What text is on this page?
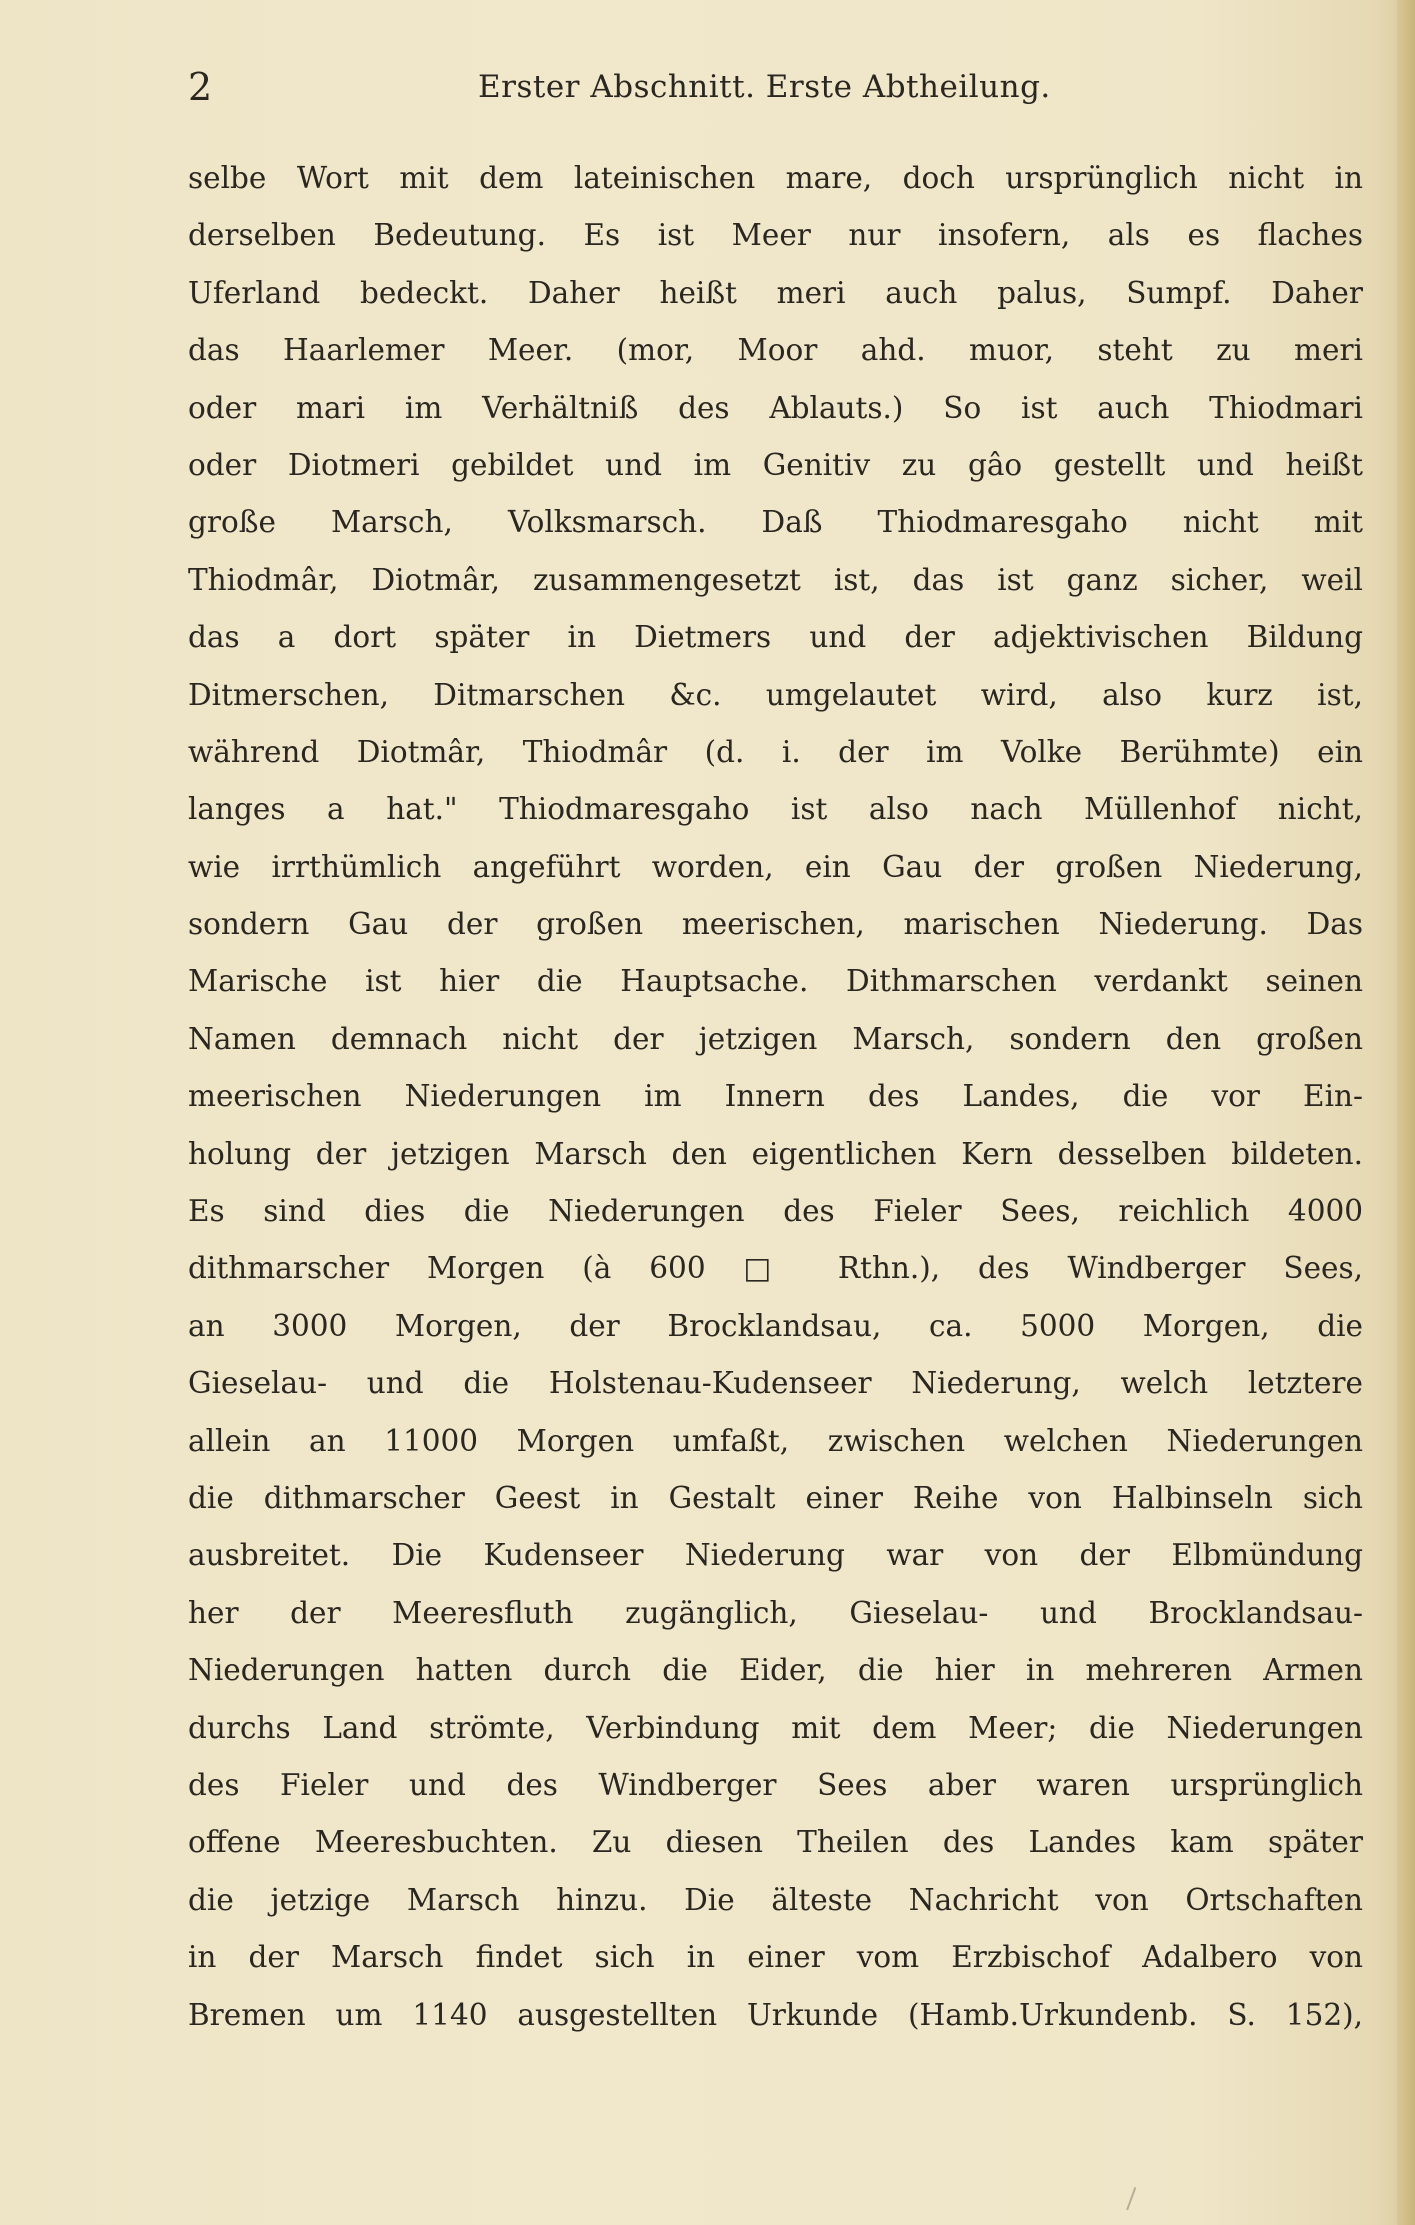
2	Erster Abschnitt. Erste Abtheilung.
selbe Wort mit dem lateinischen mare, doch ursprünglich nicht in
derselben Bedeutung. Es ist Meer nur insofern, als es flaches
Uferland bedeckt. Daher heißt meri auch palus, Sumpf. Daher
das Haarlemer Meer. (mor, Moor ahd. muor, steht zu meri
oder mari im Verhältniß des Ablauts.) So ist auch Thiodmari
oder Diotmeri gebildet und im Genitiv zu gâo gestellt und heißt
große Marsch, Volksmarsch. Daß Thiodmaresgaho nicht mit
Thiodmâr, Diotmâr, zusammengesetzt ist, das ist ganz sicher, weil
das a dort später in Dietmers und der adjektivischen Bildung
Ditmerschen, Ditmarschen &c. umgelautet wird, also kurz ist,
während Diotmâr, Thiodmâr (d. i. der im Volke Berühmte) ein
langes a hat." Thiodmaresgaho ist also nach Müllenhof nicht,
wie irrthümlich angeführt worden, ein Gau der großen Niederung,
sondern Gau der großen meerischen, marischen Niederung. Das
Marische ist hier die Hauptsache. Dithmarschen verdankt seinen
Namen demnach nicht der jetzigen Marsch, sondern den großen
meerischen Niederungen im Innern des Landes, die vor Ein-
holung der jetzigen Marsch den eigentlichen Kern desselben bildeten.
Es sind dies die Niederungen des Fieler Sees, reichlich 4000
dithmarscher Morgen (à 600 □ Rthn.), des Windberger Sees,
an 3000 Morgen, der Brocklandsau, ca. 5000 Morgen, die
Gieselau- und die Holstenau-Kudenseer Niederung, welch letztere
allein an 11000 Morgen umfaßt, zwischen welchen Niederungen
die dithmarscher Geest in Gestalt einer Reihe von Halbinseln sich
ausbreitet. Die Kudenseer Niederung war von der Elbmündung
her der Meeresfluth zugänglich, Gieselau- und Brocklandsau-
Niederungen hatten durch die Eider, die hier in mehreren Armen
durchs Land strömte, Verbindung mit dem Meer; die Niederungen
des Fieler und des Windberger Sees aber waren ursprünglich
offene Meeresbuchten. Zu diesen Theilen des Landes kam später
die jetzige Marsch hinzu. Die älteste Nachricht von Ortschaften
in der Marsch findet sich in einer vom Erzbischof Adalbero von
Bremen um 1140 ausgestellten Urkunde (Hamb.Urkundenb. S. 152),
